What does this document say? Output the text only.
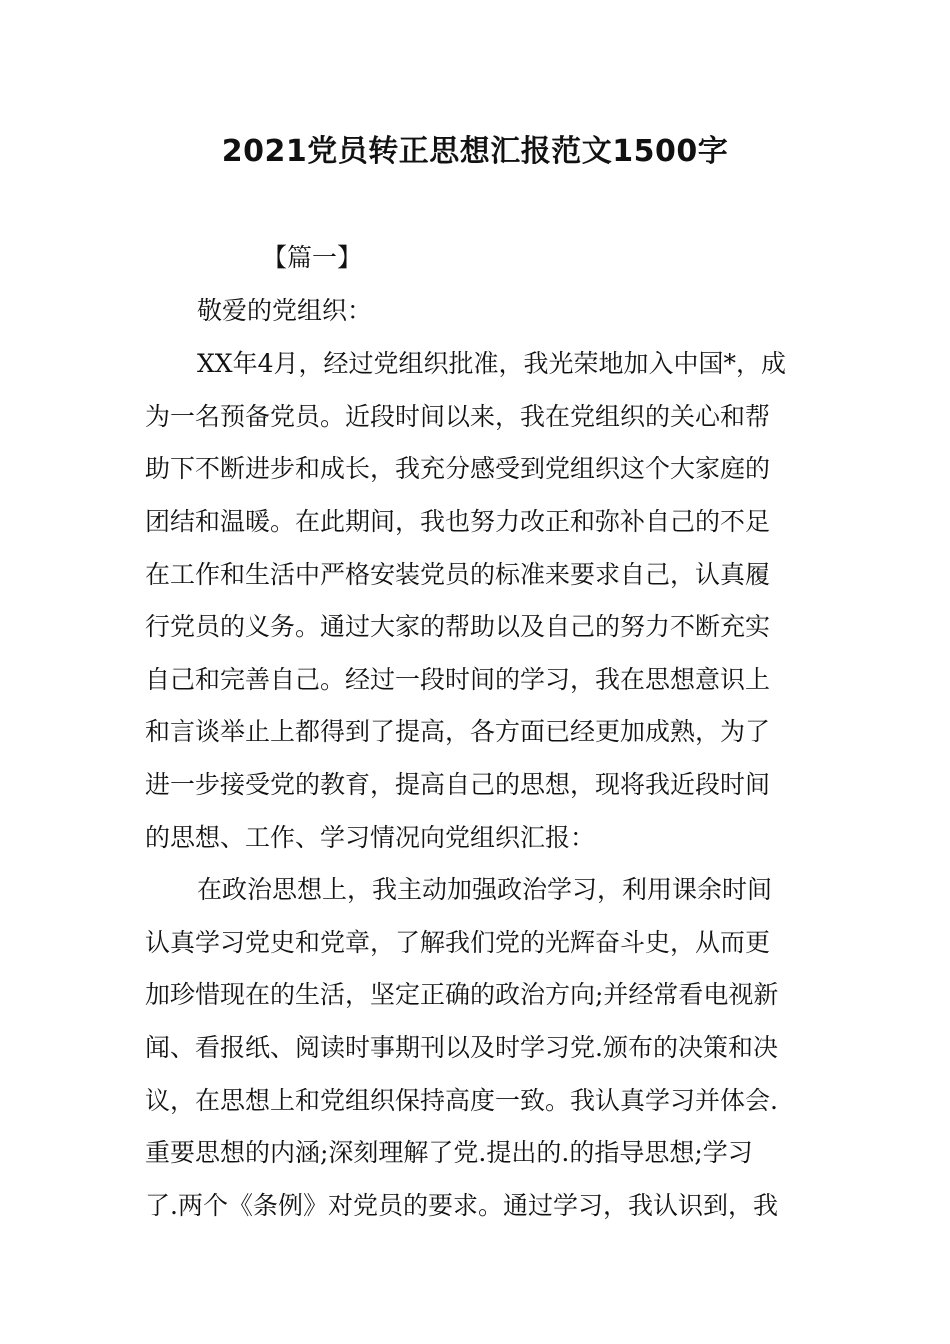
2021党员转正思想汇报范文1500字
【篇一】
敬爱的党组织：
XX年4月，经过党组织批准，我光荣地加入中国*，成
为一名预备党员。近段时间以来，我在党组织的关心和帮
助下不断进步和成长，我充分感受到党组织这个大家庭的
团结和温暖。在此期间，我也努力改正和弥补自己的不足
在工作和生活中严格安装党员的标准来要求自己，认真履
行党员的义务。通过大家的帮助以及自己的努力不断充实
自己和完善自己。经过一段时间的学习，我在思想意识上
和言谈举止上都得到了提高，各方面已经更加成熟，为了
进一步接受党的教育，提高自己的思想，现将我近段时间
的思想、工作、学习情况向党组织汇报：
在政治思想上，我主动加强政治学习，利用课余时间
认真学习党史和党章，了解我们党的光辉奋斗史，从而更
加珍惜现在的生活，坚定正确的政治方向;并经常看电视新
闻、看报纸、阅读时事期刊以及时学习党.颁布的决策和决
议，在思想上和党组织保持高度一致。我认真学习并体会.
重要思想的内涵;深刻理解了党.提出的.的指导思想;学习
了.两个《条例》对党员的要求。通过学习，我认识到，我
